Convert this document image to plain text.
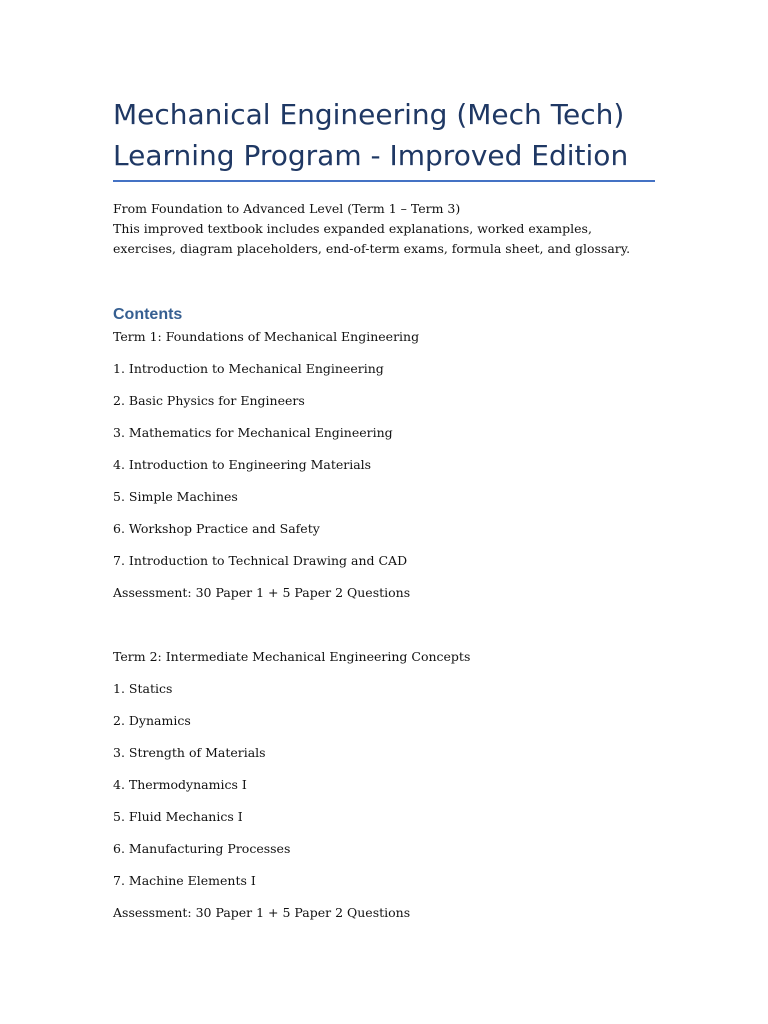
Mechanical Engineering (Mech Tech)
Learning Program - Improved Edition

From Foundation to Advanced Level (Term 1 – Term 3)

This improved textbook includes expanded explanations, worked examples, exercises, diagram placeholders, end-of-term exams, formula sheet, and glossary.

Contents
Term 1: Foundations of Mechanical Engineering
1. Introduction to Mechanical Engineering
2. Basic Physics for Engineers
3. Mathematics for Mechanical Engineering
4. Introduction to Engineering Materials
5. Simple Machines
6. Workshop Practice and Safety
7. Introduction to Technical Drawing and CAD
Assessment: 30 Paper 1 + 5 Paper 2 Questions
Term 2: Intermediate Mechanical Engineering Concepts
1. Statics
2. Dynamics
3. Strength of Materials
4. Thermodynamics I
5. Fluid Mechanics I
6. Manufacturing Processes
7. Machine Elements I
Assessment: 30 Paper 1 + 5 Paper 2 Questions
